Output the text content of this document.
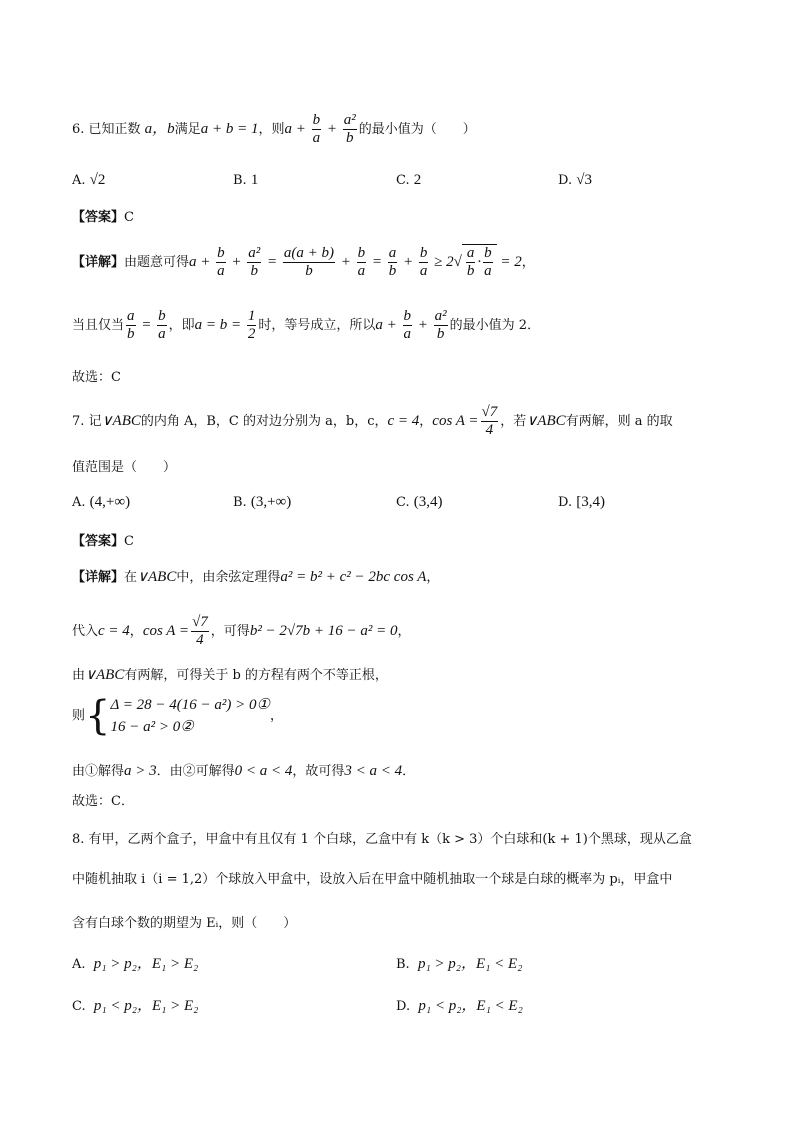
6. 已知正数 a，b满足a + b = 1，则$a + \frac{b}{a} + \frac{\text{a²}}{b}$ 的最小值为（　　）
A. √2	B. 1	C. 2	D. √3
【答案】C
【详解】由题意可得$a + \frac{b}{a} + \frac{\text{a²}}{b} = \frac{a(a + b)}{b} + \frac{b}{a} = \frac{a}{b} + \frac{b}{a} \ge 2√ \frac{a}{b} \cdot \frac{b}{a} = 2$，
当且仅当 $\frac{a}{b} = \frac{b}{a}$ ，即$a = b = \frac{1}{2}$ 时，等号成立，所以$a + \frac{b}{a} + \frac{\text{a²}}{b}$ 的最小值为 2．
故选：C
7. 记∨ABC的内角 A，B，C 的对边分别为 a，b，c，c = 4，$\cos A = \frac{√7}{4}$ ，若∨ABC有两解，则 a 的取
值范围是（　　）
A. (4,+∞)	B. (3,+∞)	C. (3,4)	D. [3,4)
【答案】C
【详解】在∨ABC中，由余弦定理得a² = b² + c² − 2bc cos A，
代入c = 4，$\cos A = \frac{√7}{4}$ ，可得b² − 2√7b + 16 − a² = 0，
由∨ABC有两解，可得关于 b 的方程有两个不等正根，
则{ Δ = 28 − 4(16 − a²) > 0①
16 − a² > 0②
，
由①解得a > 3．由②可解得0 < a < 4，故可得3 < a < 4．
故选：C．
8. 有甲，乙两个盒子，甲盒中有且仅有 1 个白球，乙盒中有 k（k > 3）个白球和(k + 1)个黑球，现从乙盒
中随机抽取 i（i = 1,2）个球放入甲盒中，设放入后在甲盒中随机抽取一个球是白球的概率为 pᵢ，甲盒中
含有白球个数的期望为 Eᵢ，则（　　）
A. p₁ > p₂，E₁ > E₂	B. p₁ > p₂，E₁ < E₂
C. p₁ < p₂，E₁ > E₂	D. p₁ < p₂，E₁ < E₂
